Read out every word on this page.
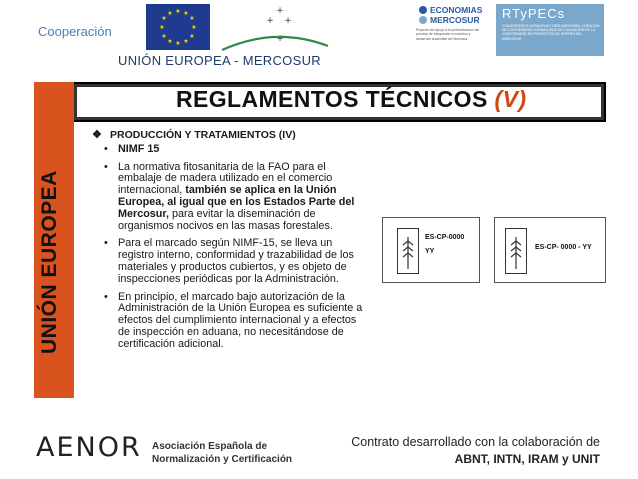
Cooperación
★ ★
★
★
★
★
★
★
★
★
★
★	+
+ +
+
UNIÓN EUROPEA - MERCOSUR
ECONOMIAS
MERCOSUR
Proyecto de apoyo a la profundización del proceso de integración económica y desarrollo sostenible del Mercosur
RTyPECs
CONVERGENCIA NORMATIVA Y REGLAMENTARIA, CREACIÓN DE CONFORMIDAD NORMALIZADA DE EVALUACIÓN DE LA CONFORMIDAD EN PRODUCTOS DE INTERÉS DEL MERCOSUR
UNIÓN EUROPEA
REGLAMENTOS TÉCNICOS (V)
❖ PRODUCCIÓN Y TRATAMIENTOS (IV)
• NIMF 15
• La normativa fitosanitaria de la FAO para el embalaje de madera utilizado en el comercio internacional, también se aplica en la Unión Europea, al igual que en los Estados Parte del Mercosur, para evitar la diseminación de organismos nocivos en las masas forestales.
• Para el marcado según NIMF-15, se lleva un registro interno, conformidad y trazabilidad de los materiales y productos cubiertos, y es objeto de inspecciones periódicas por la Administración.
• En principio, el marcado bajo autorización de la Administración de la Unión Europea es suficiente a efectos del cumplimiento internacional y a efectos de inspección en aduana, no necesitándose de certificación adicional.
ES-CP-0000
YY
ES-CP- 0000 - YY
AENOR Asociación Española de
Normalización y Certificación
Contrato desarrollado con la colaboración de
ABNT, INTN, IRAM y UNIT
